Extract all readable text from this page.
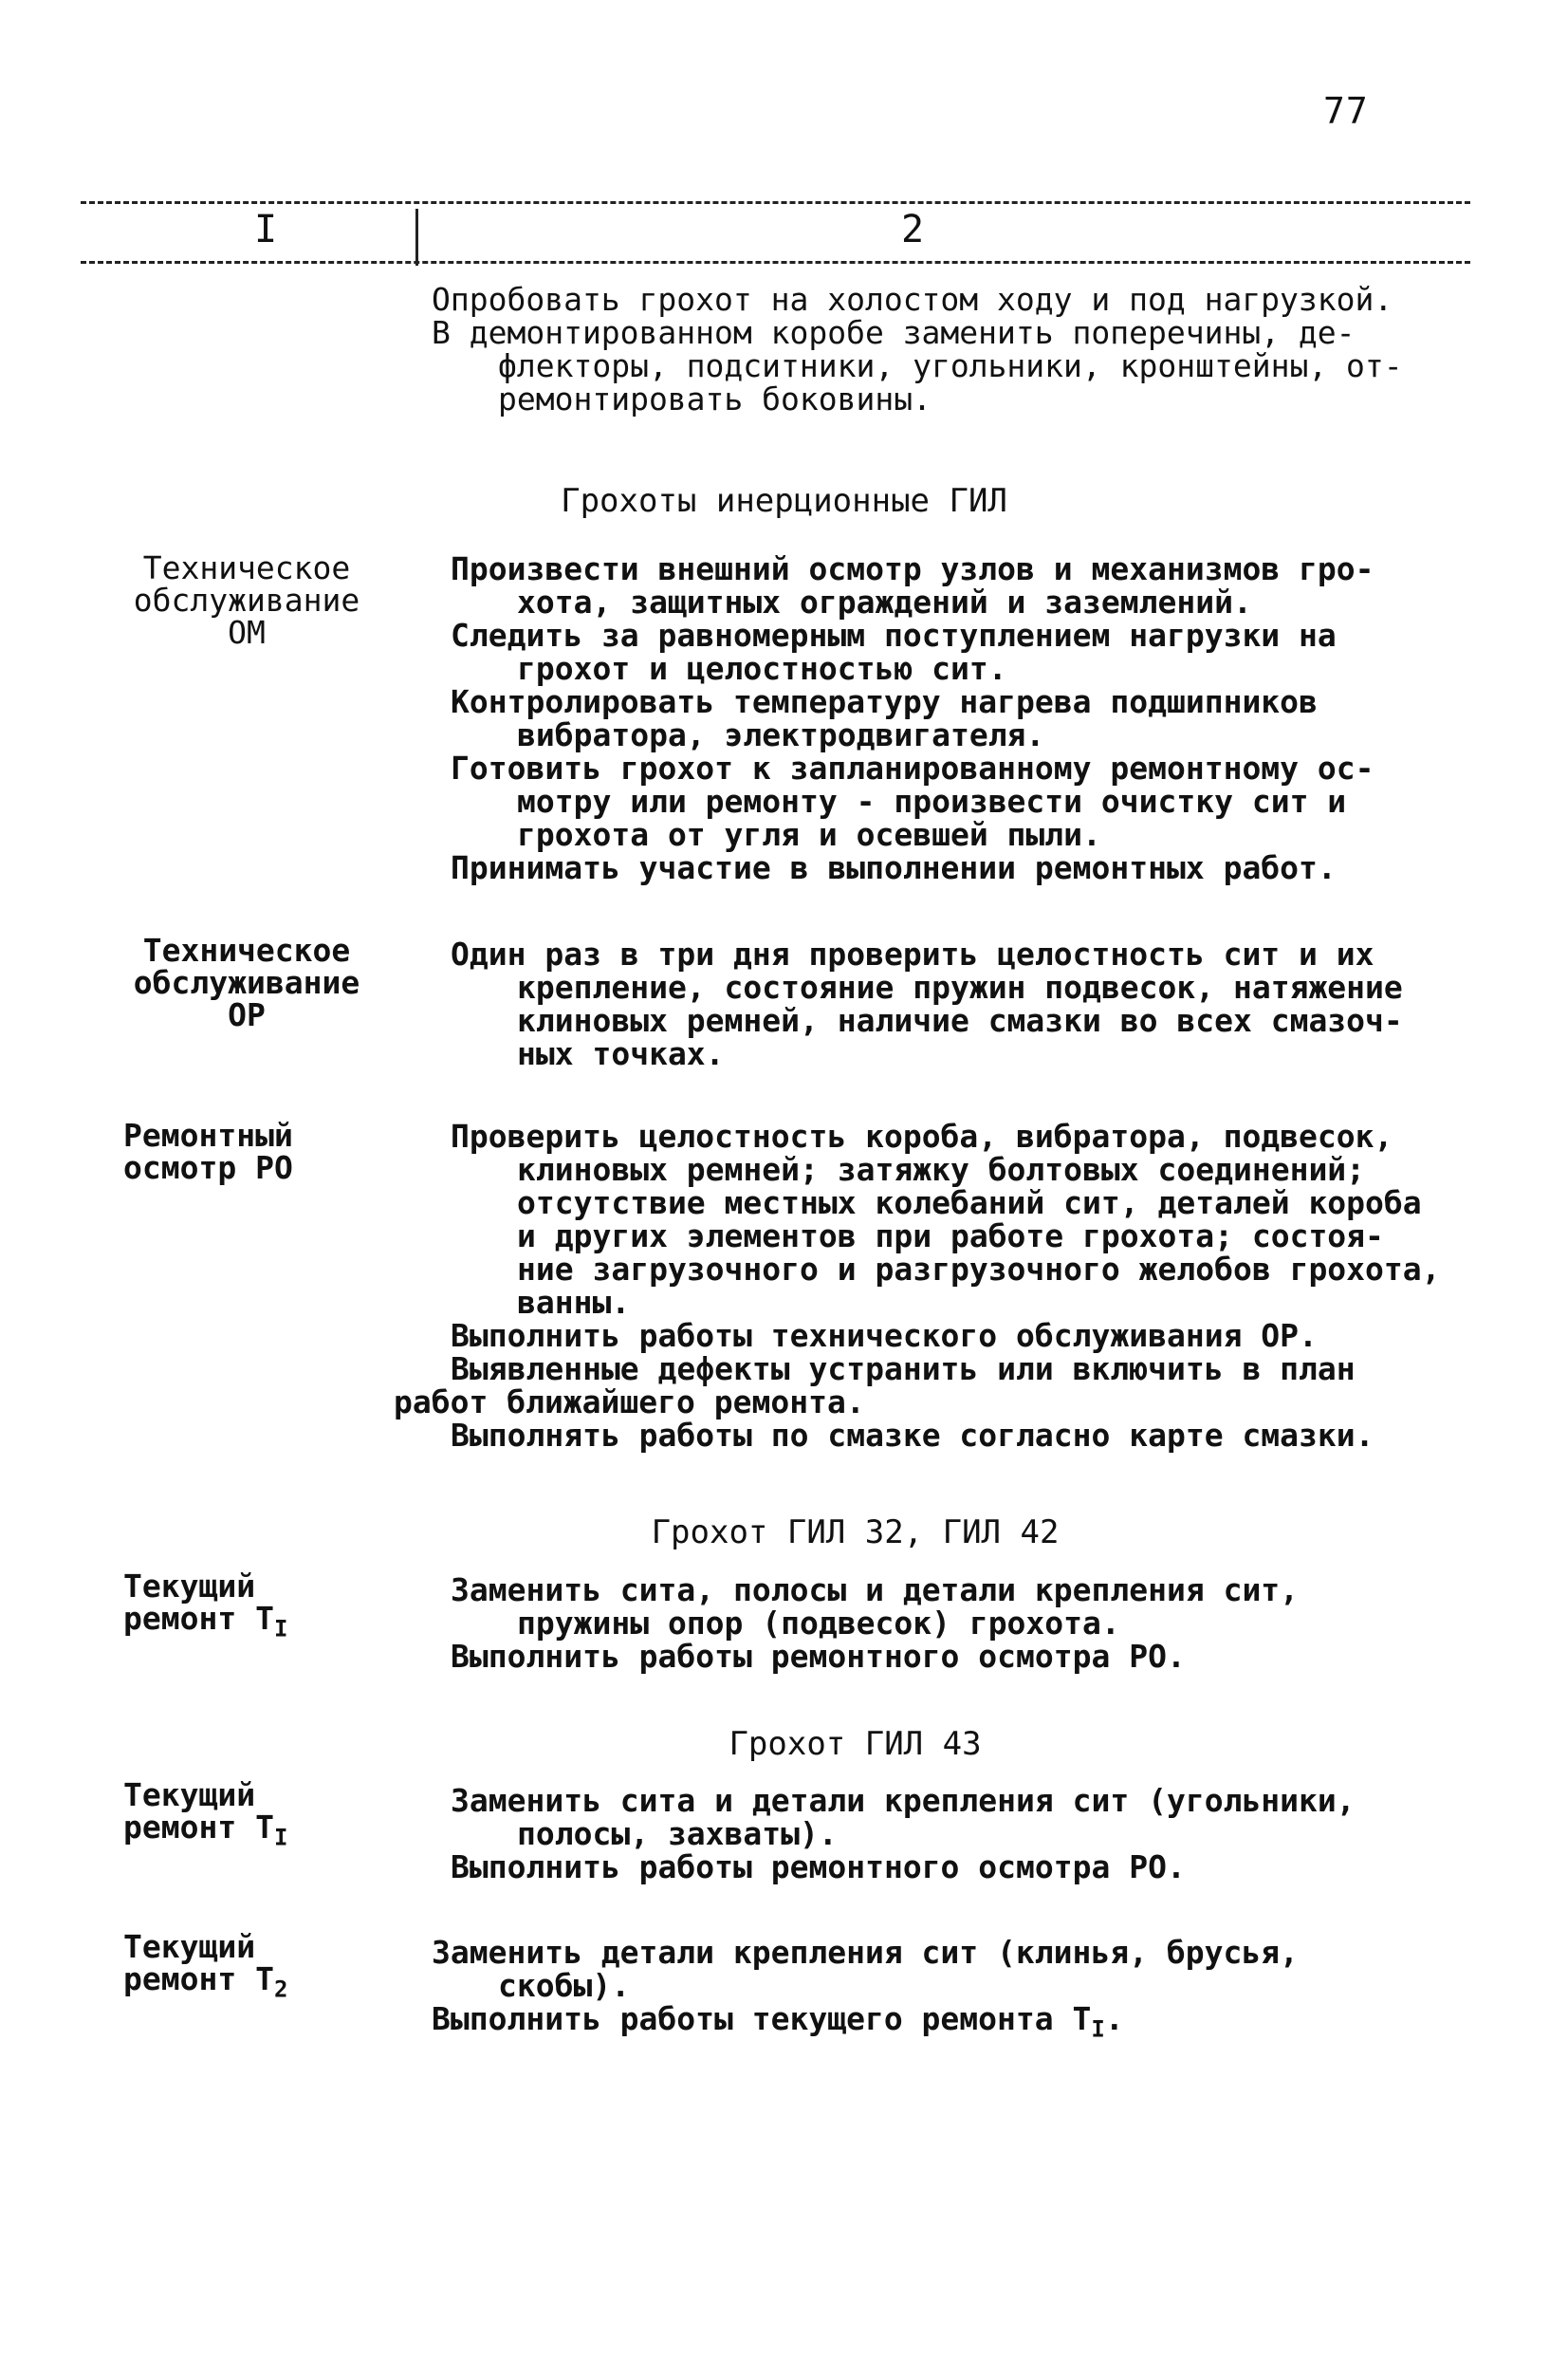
77
I	2
Опробовать грохот на холостом ходу и под нагрузкой.
В демонтированном коробе заменить поперечины, де-
флекторы, подситники, угольники, кронштейны, от-
ремонтировать боковины.
Грохоты инерционные ГИЛ
Техническое
обслуживание
ОМ
Произвести внешний осмотр узлов и механизмов гро-
хота, защитных ограждений и заземлений.
Следить за равномерным поступлением нагрузки на
грохот и целостностью сит.
Контролировать температуру нагрева подшипников
вибратора, электродвигателя.
Готовить грохот к запланированному ремонтному ос-
мотру или ремонту - произвести очистку сит и
грохота от угля и осевшей пыли.
Принимать участие в выполнении ремонтных работ.
Техническое
обслуживание
ОР
Один раз в три дня проверить целостность сит и их
крепление, состояние пружин подвесок, натяжение
клиновых ремней, наличие смазки во всех смазоч-
ных точках.
Ремонтный
осмотр РО
Проверить целостность короба, вибратора, подвесок,
клиновых ремней; затяжку болтовых соединений;
отсутствие местных колебаний сит, деталей короба
и других элементов при работе грохота; состоя-
ние загрузочного и разгрузочного желобов грохота,
ванны.
Выполнить работы технического обслуживания ОР.
Выявленные дефекты устранить или включить в план
работ ближайшего ремонта.
Выполнять работы по смазке согласно карте смазки.
Грохот ГИЛ 32, ГИЛ 42
Текущий
ремонт $Т_I$
Заменить сита, полосы и детали крепления сит,
пружины опор (подвесок) грохота.
Выполнить работы ремонтного осмотра РО.
Грохот ГИЛ 43
Текущий
ремонт $Т_I$
Заменить сита и детали крепления сит (угольники,
полосы, захваты).
Выполнить работы ремонтного осмотра РО.
Текущий
ремонт $Т_2$
Заменить детали крепления сит (клинья, брусья,
скобы).
Выполнить работы текущего ремонта $Т_I$.
